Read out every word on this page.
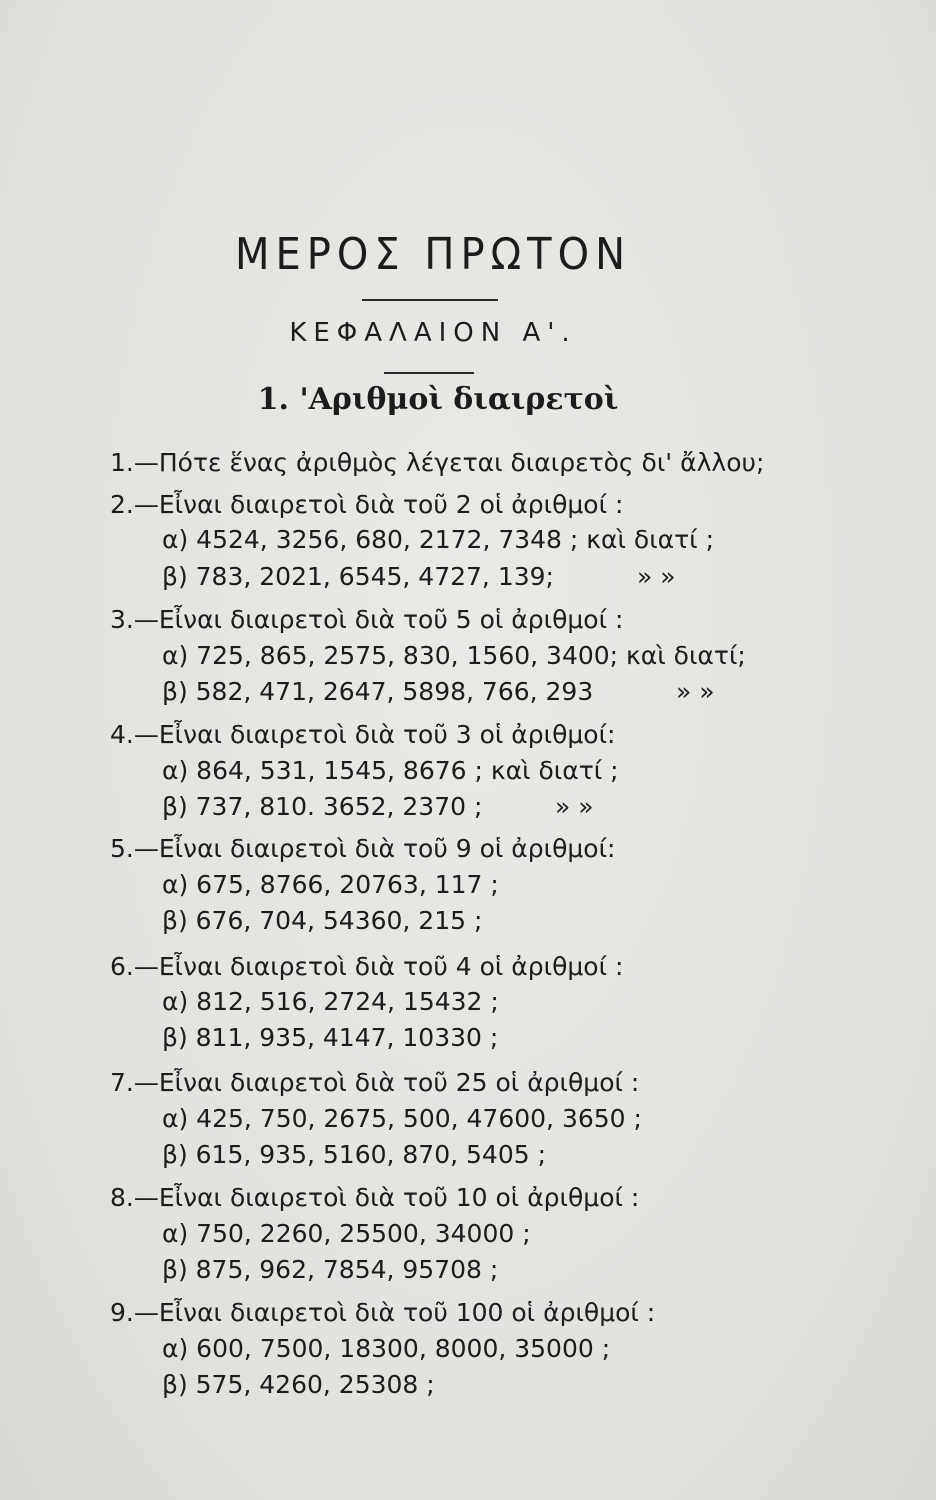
ΜΕΡΟΣ ΠΡΩΤΟΝ
ΚΕΦΑΛΑΙΟΝ Α'.
1. 'Αριθμοὶ διαιρετοὶ
1.—Πότε ἕνας ἀριθμὸς λέγεται διαιρετὸς δι' ἄλλου;
2.—Εἶναι διαιρετοὶ διὰ τοῦ 2 οἱ ἀριθμοί :
α) 4524, 3256, 680, 2172, 7348 ; καὶ διατί ;
β) 783, 2021, 6545, 4727, 139;	» »
3.—Εἶναι διαιρετοὶ διὰ τοῦ 5 οἱ ἀριθμοί :
α) 725, 865, 2575, 830, 1560, 3400; καὶ διατί;
β) 582, 471, 2647, 5898, 766, 293	» »
4.—Εἶναι διαιρετοὶ διὰ τοῦ 3 οἱ ἀριθμοί:
α) 864, 531, 1545, 8676 ; καὶ διατί ;
β) 737, 810. 3652, 2370 ;	» »
5.—Εἶναι διαιρετοὶ διὰ τοῦ 9 οἱ ἀριθμοί:
α) 675, 8766, 20763, 117 ;
β) 676, 704, 54360, 215 ;
6.—Εἶναι διαιρετοὶ διὰ τοῦ 4 οἱ ἀριθμοί :
α) 812, 516, 2724, 15432 ;
β) 811, 935, 4147, 10330 ;
7.—Εἶναι διαιρετοὶ διὰ τοῦ 25 οἱ ἀριθμοί :
α) 425, 750, 2675, 500, 47600, 3650 ;
β) 615, 935, 5160, 870, 5405 ;
8.—Εἶναι διαιρετοὶ διὰ τοῦ 10 οἱ ἀριθμοί :
α) 750, 2260, 25500, 34000 ;
β) 875, 962, 7854, 95708 ;
9.—Εἶναι διαιρετοὶ διὰ τοῦ 100 οἱ ἀριθμοί :
α) 600, 7500, 18300, 8000, 35000 ;
β) 575, 4260, 25308 ;
